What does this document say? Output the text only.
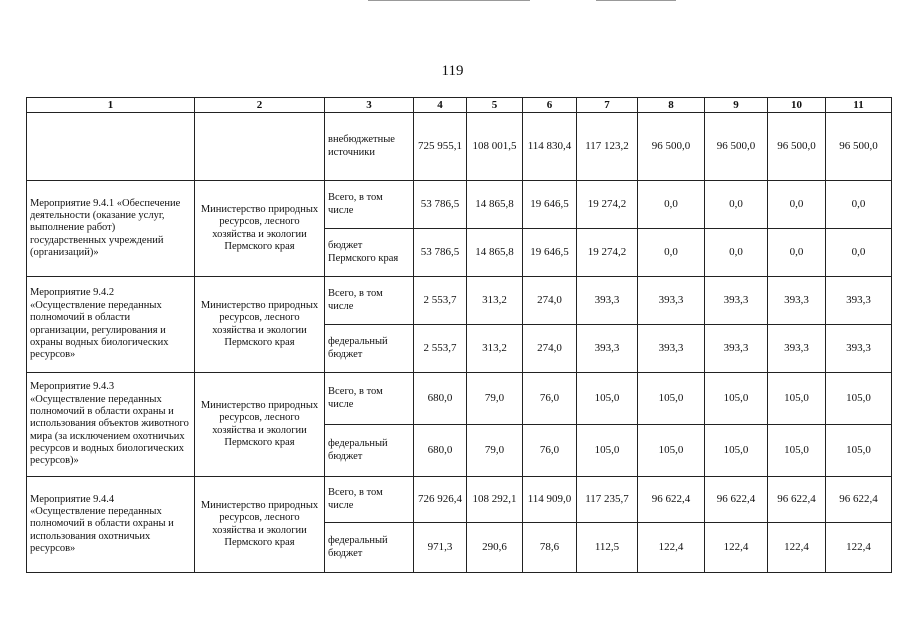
119
1	2	3	4	5	6	7	8	9	10	11
		внебюджетные источники	725 955,1	108 001,5	114 830,4	117 123,2	96 500,0	96 500,0	96 500,0	96 500,0
Мероприятие 9.4.1 «Обеспечение деятельности (оказание услуг, выполнение работ) государственных учреждений (организаций)»	Министерство природных ресурсов, лесного хозяйства и экологии Пермского края	Всего, в том числе	53 786,5	14 865,8	19 646,5	19 274,2	0,0	0,0	0,0	0,0
		бюджет Пермского края	53 786,5	14 865,8	19 646,5	19 274,2	0,0	0,0	0,0	0,0
Мероприятие 9.4.2 «Осуществление переданных полномочий в области организации, регулирования и охраны водных биологических ресурсов»	Министерство природных ресурсов, лесного хозяйства и экологии Пермского края	Всего, в том числе	2 553,7	313,2	274,0	393,3	393,3	393,3	393,3	393,3
		федеральный бюджет	2 553,7	313,2	274,0	393,3	393,3	393,3	393,3	393,3
Мероприятие 9.4.3 «Осуществление переданных полномочий в области охраны и использования объектов животного мира (за исключением охотничьих ресурсов и водных биологических ресурсов)»	Министерство природных ресурсов, лесного хозяйства и экологии Пермского края	Всего, в том числе	680,0	79,0	76,0	105,0	105,0	105,0	105,0	105,0
		федеральный бюджет	680,0	79,0	76,0	105,0	105,0	105,0	105,0	105,0
Мероприятие 9.4.4 «Осуществление переданных полномочий в области охраны и использования охотничьих ресурсов»	Министерство природных ресурсов, лесного хозяйства и экологии Пермского края	Всего, в том числе	726 926,4	108 292,1	114 909,0	117 235,7	96 622,4	96 622,4	96 622,4	96 622,4
		федеральный бюджет	971,3	290,6	78,6	112,5	122,4	122,4	122,4	122,4
